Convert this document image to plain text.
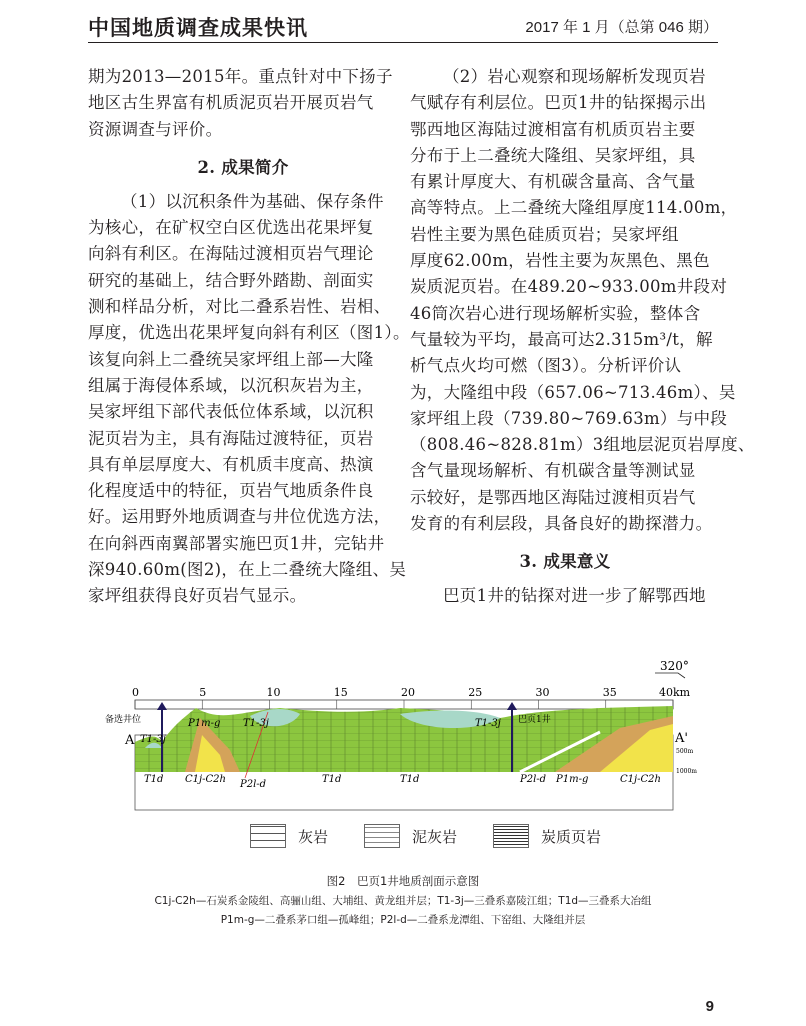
中国地质调查成果快讯	2017 年 1 月（总第 046 期）
期为2013—2015年。重点针对中下扬子
地区古生界富有机质泥页岩开展页岩气
资源调查与评价。
2. 成果简介
（1）以沉积条件为基础、保存条件
为核心，在矿权空白区优选出花果坪复
向斜有利区。在海陆过渡相页岩气理论
研究的基础上，结合野外踏勘、剖面实
测和样品分析，对比二叠系岩性、岩相、
厚度，优选出花果坪复向斜有利区（图1）。
该复向斜上二叠统吴家坪组上部—大隆
组属于海侵体系域，以沉积灰岩为主，
吴家坪组下部代表低位体系域，以沉积
泥页岩为主，具有海陆过渡特征，页岩
具有单层厚度大、有机质丰度高、热演
化程度适中的特征，页岩气地质条件良
好。运用野外地质调查与井位优选方法，
在向斜西南翼部署实施巴页1井，完钻井
深940.60m(图2)，在上二叠统大隆组、吴
家坪组获得良好页岩气显示。
（2）岩心观察和现场解析发现页岩
气赋存有利层位。巴页1井的钻探揭示出
鄂西地区海陆过渡相富有机质页岩主要
分布于上二叠统大隆组、吴家坪组，具
有累计厚度大、有机碳含量高、含气量
高等特点。上二叠统大隆组厚度114.00m，
岩性主要为黑色硅质页岩；吴家坪组
厚度62.00m，岩性主要为灰黑色、黑色
炭质泥页岩。在489.20~933.00m井段对
46筒次岩心进行现场解析实验，整体含
气量较为平均，最高可达2.315m³/t，解
析气点火均可燃（图3）。分析评价认
为，大隆组中段（657.06~713.46m）、吴
家坪组上段（739.80~769.63m）与中段
（808.46~828.81m）3组地层泥页岩厚度、
含气量现场解析、有机碳含量等测试显
示较好，是鄂西地区海陆过渡相页岩气
发育的有利层段，具备良好的勘探潜力。
3. 成果意义
巴页1井的钻探对进一步了解鄂西地
320°
0	5	10	15	20	25	30	35	40km
备选井位	巴页1井
A	A'
500m
1000m
T1-3j
P1m-g T1-3j	T1-3j
T1d C1j-C2h P2l-d	T1d	T1d	P2l-d P1m-g	C1j-C2h
灰岩	泥灰岩	炭质页岩
图2　巴页1井地质剖面示意图
C1j-C2h—石炭系金陵组、高骊山组、大埔组、黄龙组并层；T1-3j—三叠系嘉陵江组；T1d—三叠系大冶组
P1m-g—二叠系茅口组—孤峰组；P2l-d—二叠系龙潭组、下窑组、大隆组并层
9
